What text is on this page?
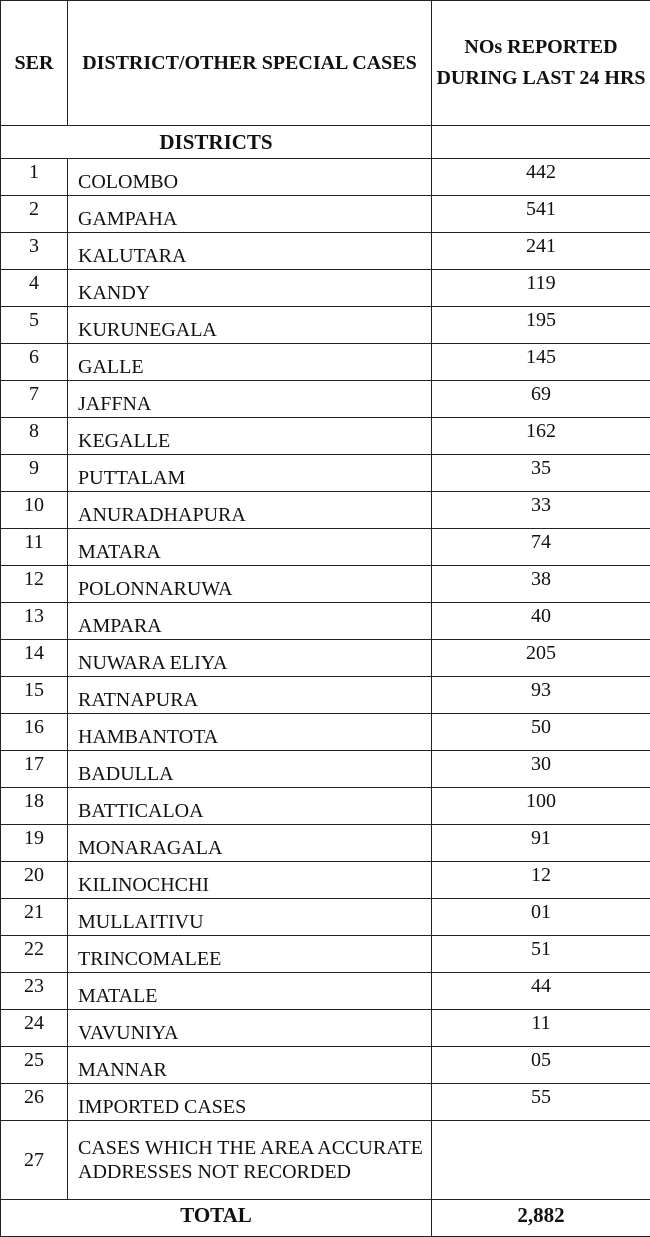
SER	DISTRICT/OTHER SPECIAL CASES	NOs REPORTED DURING LAST 24 HRS
DISTRICTS		
1	COLOMBO	442
2	GAMPAHA	541
3	KALUTARA	241
4	KANDY	119
5	KURUNEGALA	195
6	GALLE	145
7	JAFFNA	69
8	KEGALLE	162
9	PUTTALAM	35
10	ANURADHAPURA	33
11	MATARA	74
12	POLONNARUWA	38
13	AMPARA	40
14	NUWARA ELIYA	205
15	RATNAPURA	93
16	HAMBANTOTA	50
17	BADULLA	30
18	BATTICALOA	100
19	MONARAGALA	91
20	KILINOCHCHI	12
21	MULLAITIVU	01
22	TRINCOMALEE	51
23	MATALE	44
24	VAVUNIYA	11
25	MANNAR	05
26	IMPORTED CASES	55
27	CASES WHICH THE AREA ACCURATE ADDRESSES NOT RECORDED	
TOTAL		2,882
